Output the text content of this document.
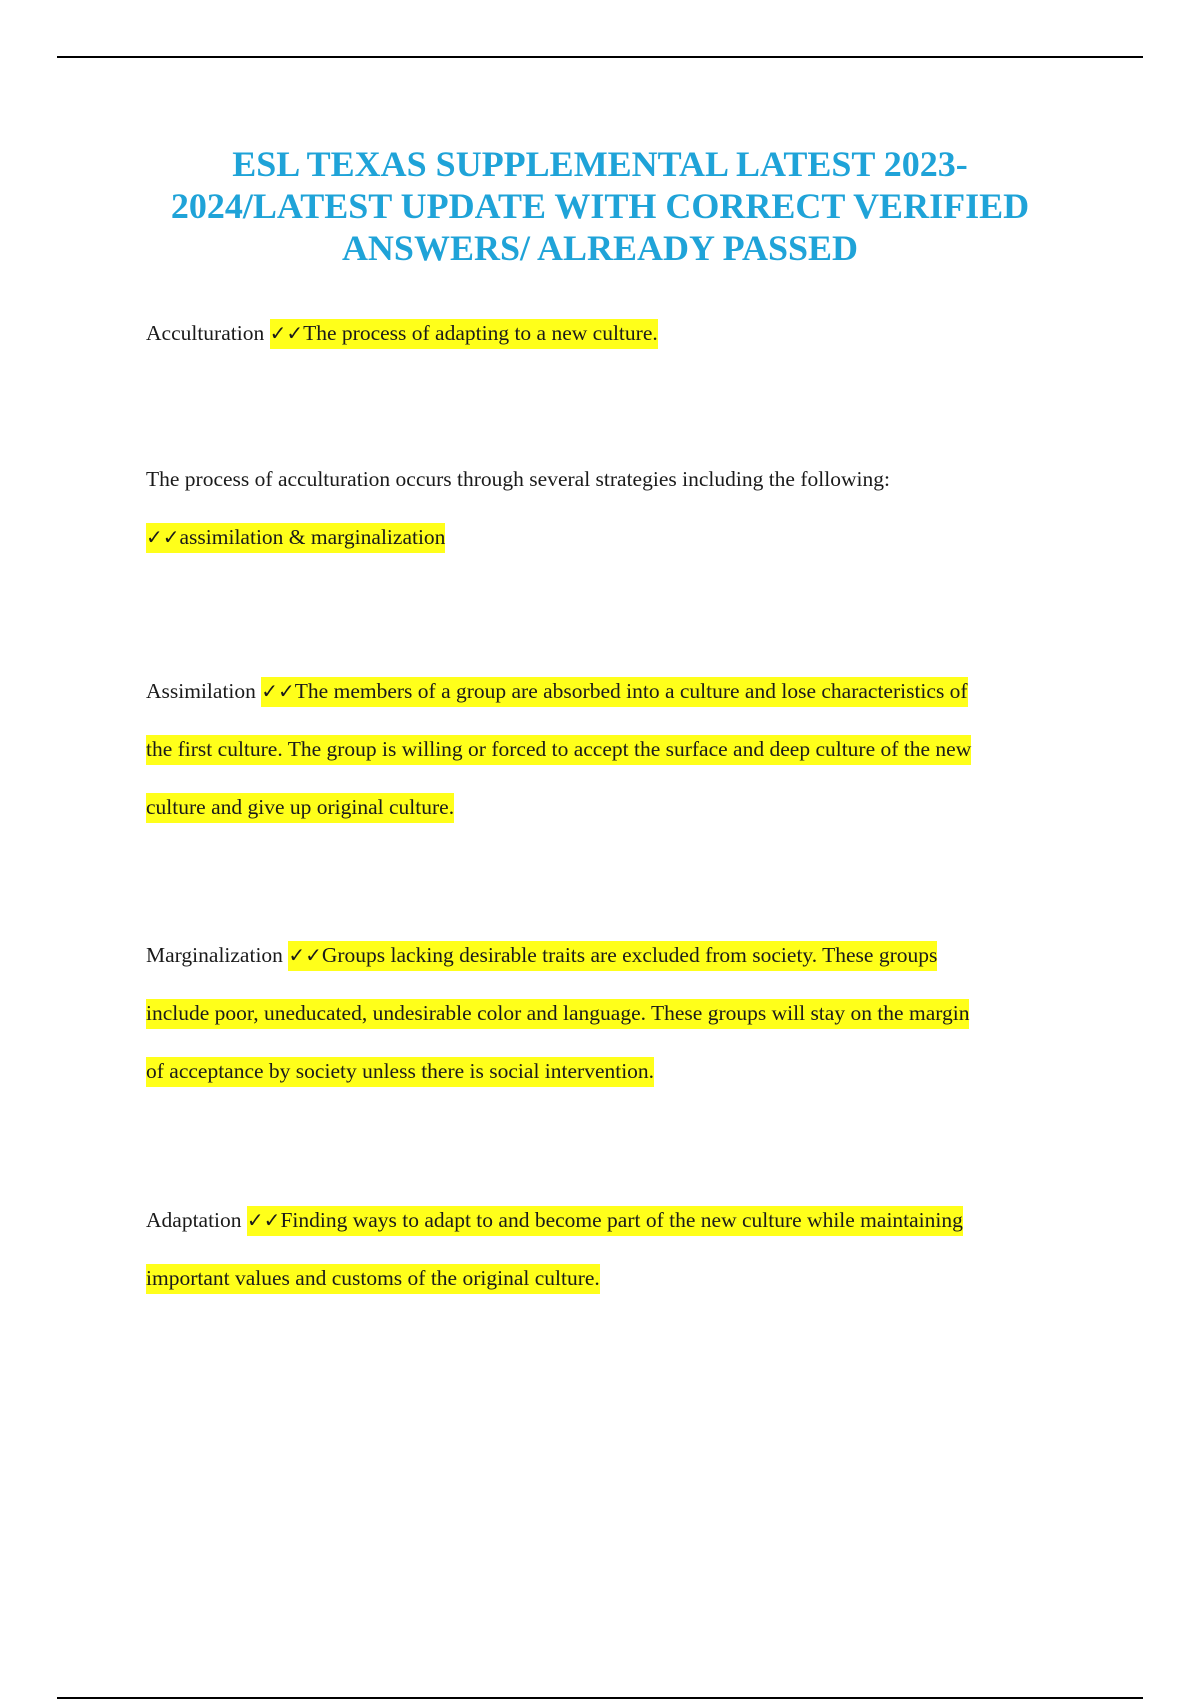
ESL TEXAS SUPPLEMENTAL LATEST 2023-
2024/LATEST UPDATE WITH CORRECT VERIFIED
ANSWERS/ ALREADY PASSED
Acculturation ✓✓The process of adapting to a new culture.
The process of acculturation occurs through several strategies including the following:
✓✓assimilation & marginalization
Assimilation ✓✓The members of a group are absorbed into a culture and lose characteristics of
the first culture. The group is willing or forced to accept the surface and deep culture of the new
culture and give up original culture.
Marginalization ✓✓Groups lacking desirable traits are excluded from society. These groups
include poor, uneducated, undesirable color and language. These groups will stay on the margin
of acceptance by society unless there is social intervention.
Adaptation ✓✓Finding ways to adapt to and become part of the new culture while maintaining
important values and customs of the original culture.
